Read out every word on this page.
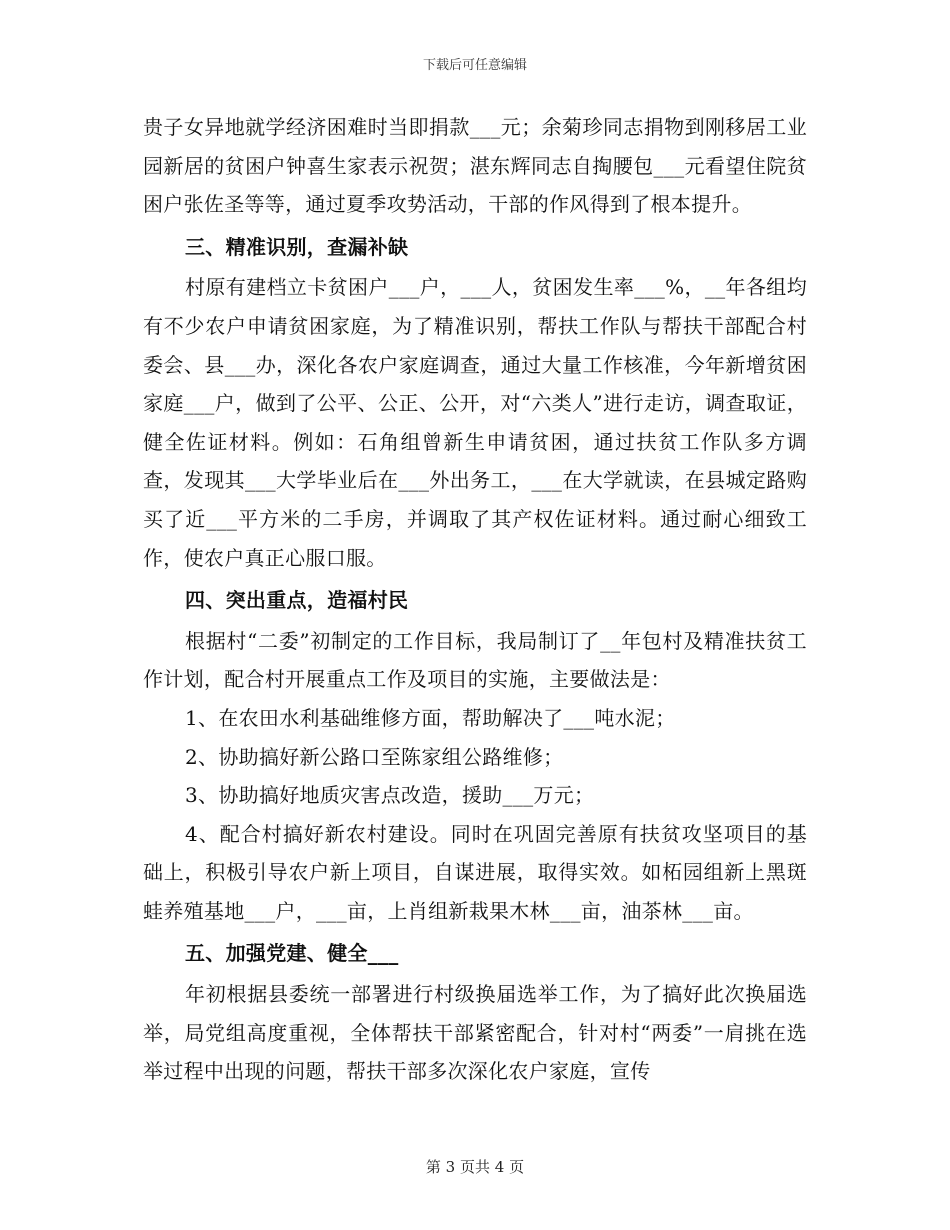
下载后可任意编辑

贵子女异地就学经济困难时当即捐款___元；余菊珍同志捐物到刚移居工业园新居的贫困户钟喜生家表示祝贺；湛东辉同志自掏腰包___元看望住院贫困户张佐圣等等，通过夏季攻势活动，干部的作风得到了根本提升。

三、精准识别，查漏补缺

村原有建档立卡贫困户___户，___人，贫困发生率___%，__年各组均有不少农户申请贫困家庭，为了精准识别，帮扶工作队与帮扶干部配合村委会、县___办，深化各农户家庭调查，通过大量工作核准，今年新增贫困家庭___户，做到了公平、公正、公开，对“六类人”进行走访，调查取证，健全佐证材料。例如：石角组曾新生申请贫困，通过扶贫工作队多方调查，发现其___大学毕业后在___外出务工，___在大学就读，在县城定路购买了近___平方米的二手房，并调取了其产权佐证材料。通过耐心细致工作，使农户真正心服口服。

四、突出重点，造福村民

根据村“二委”初制定的工作目标，我局制订了__年包村及精准扶贫工作计划，配合村开展重点工作及项目的实施，主要做法是：

1、在农田水利基础维修方面，帮助解决了___吨水泥；

2、协助搞好新公路口至陈家组公路维修；

3、协助搞好地质灾害点改造，援助___万元；

4、配合村搞好新农村建设。同时在巩固完善原有扶贫攻坚项目的基础上，积极引导农户新上项目，自谋进展，取得实效。如柘园组新上黑斑蛙养殖基地___户，___亩，上肖组新栽果木林___亩，油茶林___亩。

五、加强党建、健全___

年初根据县委统一部署进行村级换届选举工作，为了搞好此次换届选举，局党组高度重视，全体帮扶干部紧密配合，针对村“两委”一肩挑在选举过程中出现的问题，帮扶干部多次深化农户家庭，宣传

第 3 页共 4 页
